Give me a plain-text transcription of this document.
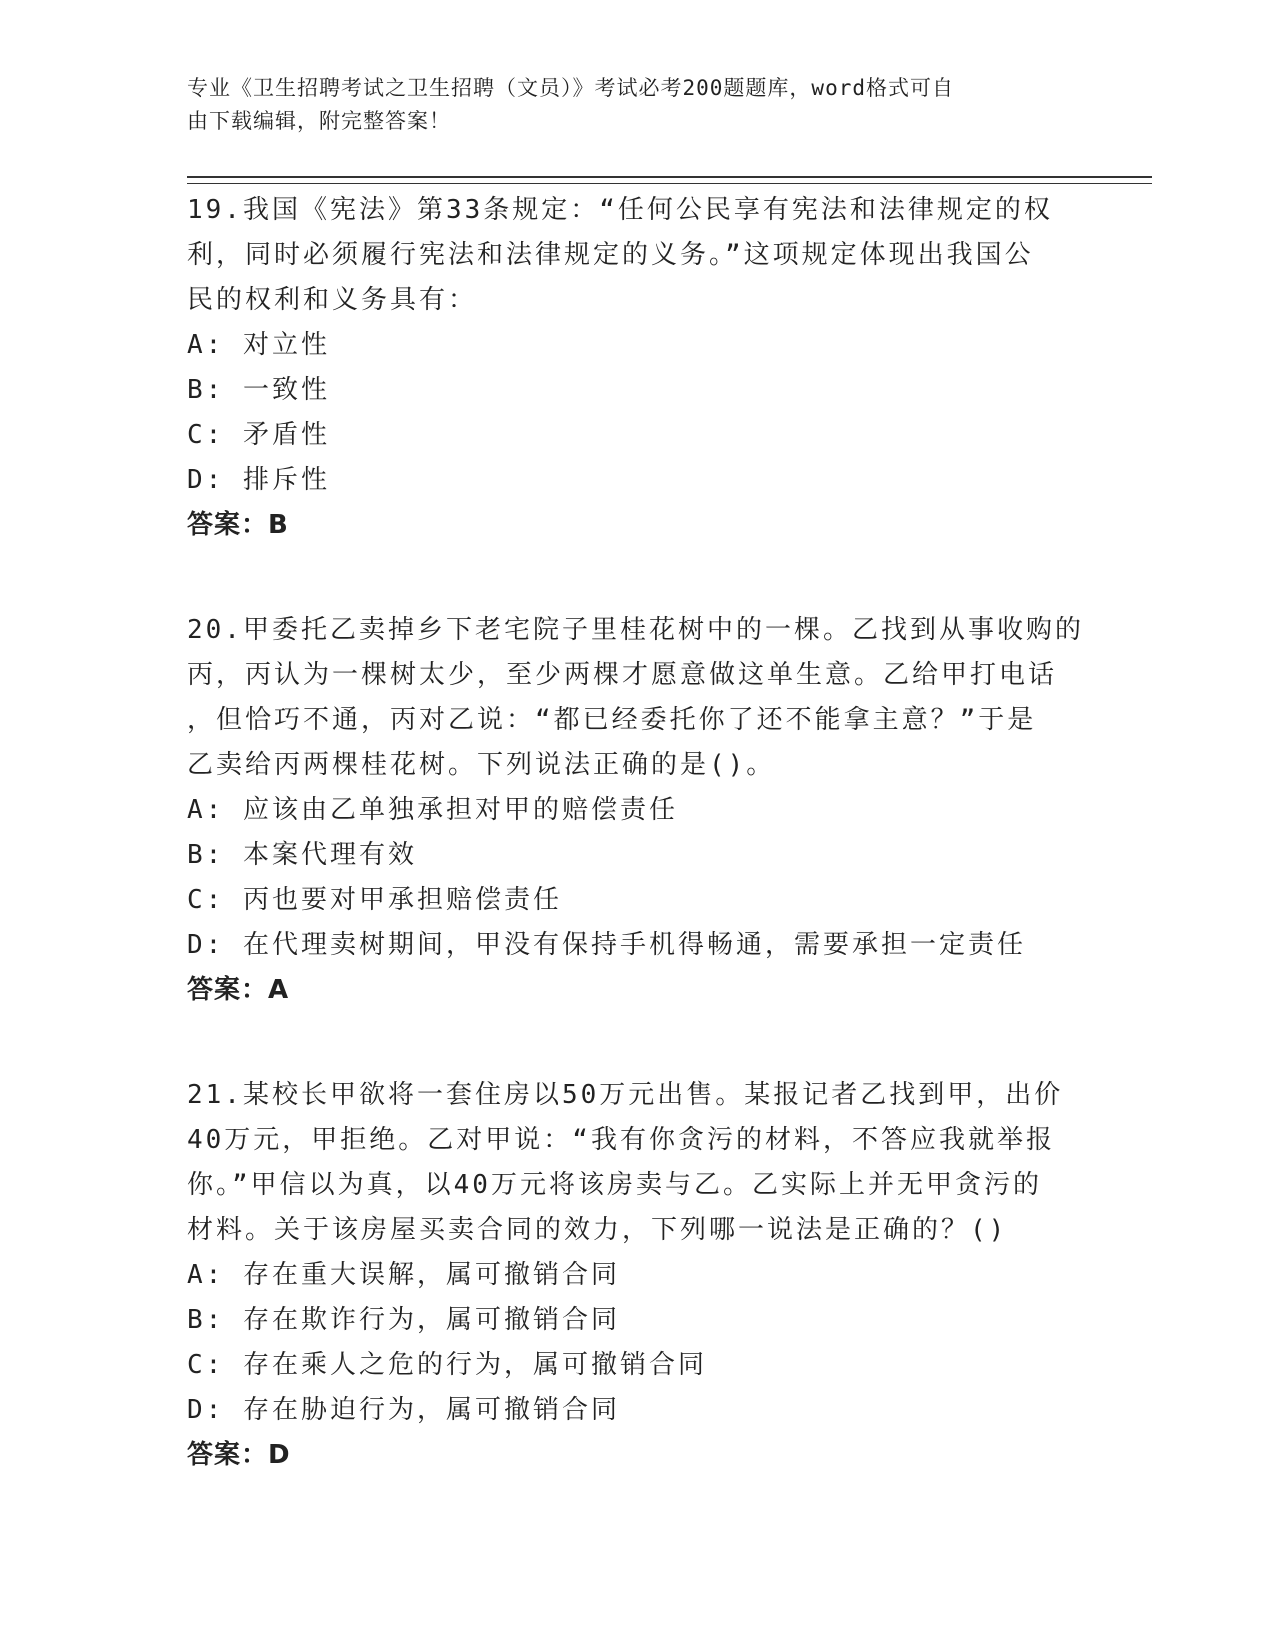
专业《卫生招聘考试之卫生招聘（文员）》考试必考200题题库，word格式可自
由下载编辑，附完整答案！

19.我国《宪法》第33条规定：“任何公民享有宪法和法律规定的权

利，同时必须履行宪法和法律规定的义务。”这项规定体现出我国公

民的权利和义务具有：

A: 对立性

B: 一致性

C: 矛盾性

D: 排斥性

答案：B

20.甲委托乙卖掉乡下老宅院子里桂花树中的一棵。乙找到从事收购的

丙，丙认为一棵树太少，至少两棵才愿意做这单生意。乙给甲打电话

，但恰巧不通，丙对乙说：“都已经委托你了还不能拿主意？”于是

乙卖给丙两棵桂花树。下列说法正确的是()。

A: 应该由乙单独承担对甲的赔偿责任

B: 本案代理有效

C: 丙也要对甲承担赔偿责任

D: 在代理卖树期间，甲没有保持手机得畅通，需要承担一定责任

答案：A

21.某校长甲欲将一套住房以50万元出售。某报记者乙找到甲，出价

40万元，甲拒绝。乙对甲说：“我有你贪污的材料，不答应我就举报

你。”甲信以为真，以40万元将该房卖与乙。乙实际上并无甲贪污的

材料。关于该房屋买卖合同的效力，下列哪一说法是正确的？()

A: 存在重大误解，属可撤销合同

B: 存在欺诈行为，属可撤销合同

C: 存在乘人之危的行为，属可撤销合同

D: 存在胁迫行为，属可撤销合同

答案：D
